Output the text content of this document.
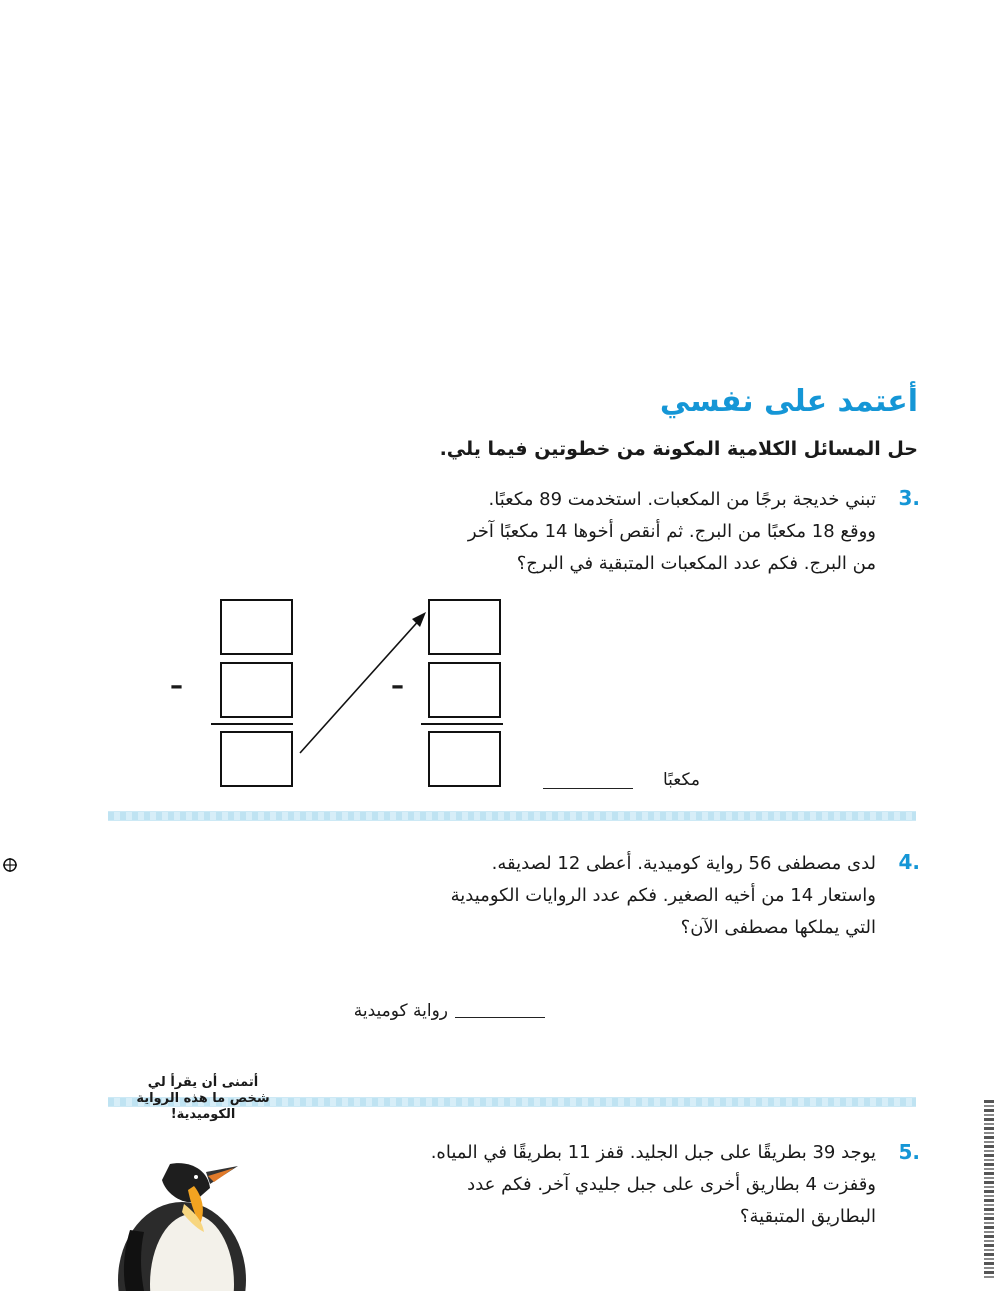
أعتمد على نفسي
حل المسائل الكلامية المكونة من خطوتين فيما يلي.
3.
تبني خديجة برجًا من المكعبات. استخدمت 89 مكعبًا.
ووقع 18 مكعبًا من البرج. ثم أنقص أخوها 14 مكعبًا آخر
من البرج. فكم عدد المكعبات المتبقية في البرج؟
–	–
مكعبًا
4.
لدى مصطفى 56 رواية كوميدية. أعطى 12 لصديقه.
واستعار 14 من أخيه الصغير. فكم عدد الروايات الكوميدية
التي يملكها مصطفى الآن؟
رواية كوميدية
أتمنى أن يقرأ لي
شخص ما هذه الرواية
الكوميدية!
5.
يوجد 39 بطريقًا على جبل الجليد. قفز 11 بطريقًا في المياه.
وقفزت 4 بطاريق أخرى على جبل جليدي آخر. فكم عدد
البطاريق المتبقية؟
